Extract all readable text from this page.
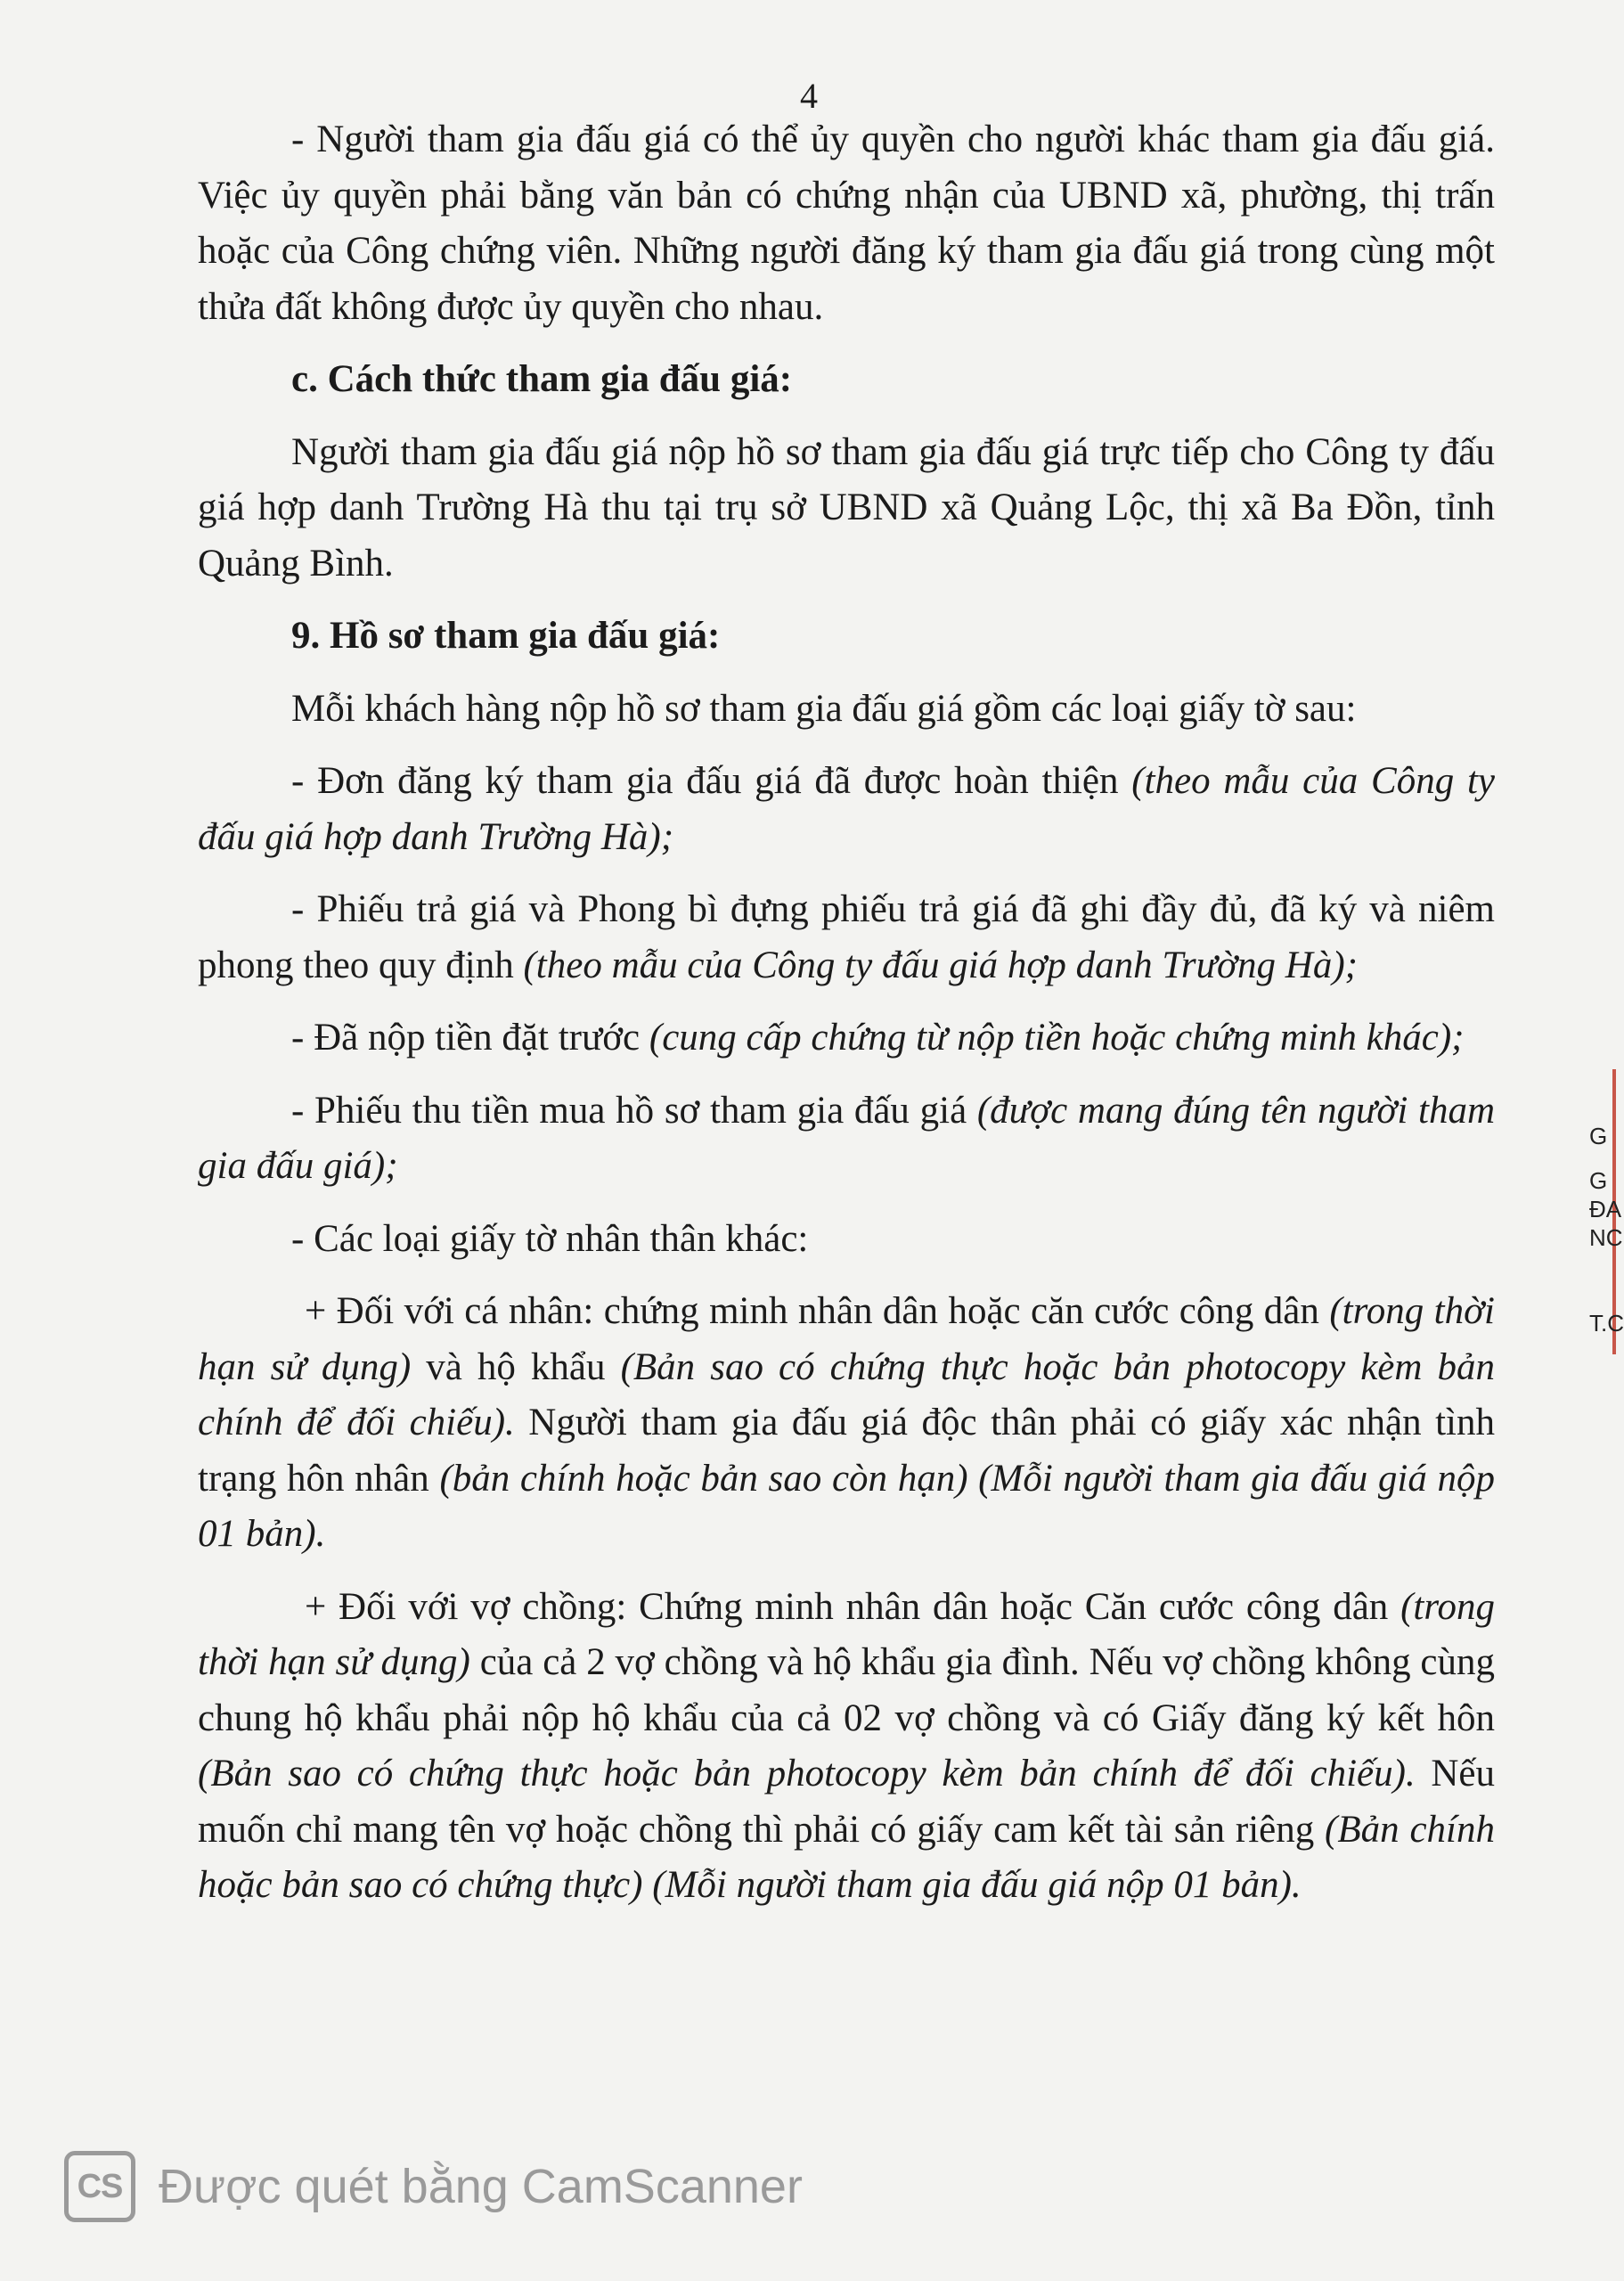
4

- Người tham gia đấu giá có thể ủy quyền cho người khác tham gia đấu giá. Việc ủy quyền phải bằng văn bản có chứng nhận của UBND xã, phường, thị trấn hoặc của Công chứng viên. Những người đăng ký tham gia đấu giá trong cùng một thửa đất không được ủy quyền cho nhau.

c. Cách thức tham gia đấu giá:

Người tham gia đấu giá nộp hồ sơ tham gia đấu giá trực tiếp cho Công ty đấu giá hợp danh Trường Hà thu tại trụ sở UBND xã Quảng Lộc, thị xã Ba Đồn, tỉnh Quảng Bình.

9. Hồ sơ tham gia đấu giá:

Mỗi khách hàng nộp hồ sơ tham gia đấu giá gồm các loại giấy tờ sau:

- Đơn đăng ký tham gia đấu giá đã được hoàn thiện (theo mẫu của Công ty đấu giá hợp danh Trường Hà);

- Phiếu trả giá và Phong bì đựng phiếu trả giá đã ghi đầy đủ, đã ký và niêm phong theo quy định (theo mẫu của Công ty đấu giá hợp danh Trường Hà);

- Đã nộp tiền đặt trước (cung cấp chứng từ nộp tiền hoặc chứng minh khác);

- Phiếu thu tiền mua hồ sơ tham gia đấu giá (được mang đúng tên người tham gia đấu giá);

- Các loại giấy tờ nhân thân khác:

+ Đối với cá nhân: chứng minh nhân dân hoặc căn cước công dân (trong thời hạn sử dụng) và hộ khẩu (Bản sao có chứng thực hoặc bản photocopy kèm bản chính để đối chiếu). Người tham gia đấu giá độc thân phải có giấy xác nhận tình trạng hôn nhân (bản chính hoặc bản sao còn hạn) (Mỗi người tham gia đấu giá nộp 01 bản).

+ Đối với vợ chồng: Chứng minh nhân dân hoặc Căn cước công dân (trong thời hạn sử dụng) của cả 2 vợ chồng và hộ khẩu gia đình. Nếu vợ chồng không cùng chung hộ khẩu phải nộp hộ khẩu của cả 02 vợ chồng và có Giấy đăng ký kết hôn (Bản sao có chứng thực hoặc bản photocopy kèm bản chính để đối chiếu). Nếu muốn chỉ mang tên vợ hoặc chồng thì phải có giấy cam kết tài sản riêng (Bản chính hoặc bản sao có chứng thực) (Mỗi người tham gia đấu giá nộp 01 bản).

G
G
ĐA
NC
T.C
CS Được quét bằng CamScanner
